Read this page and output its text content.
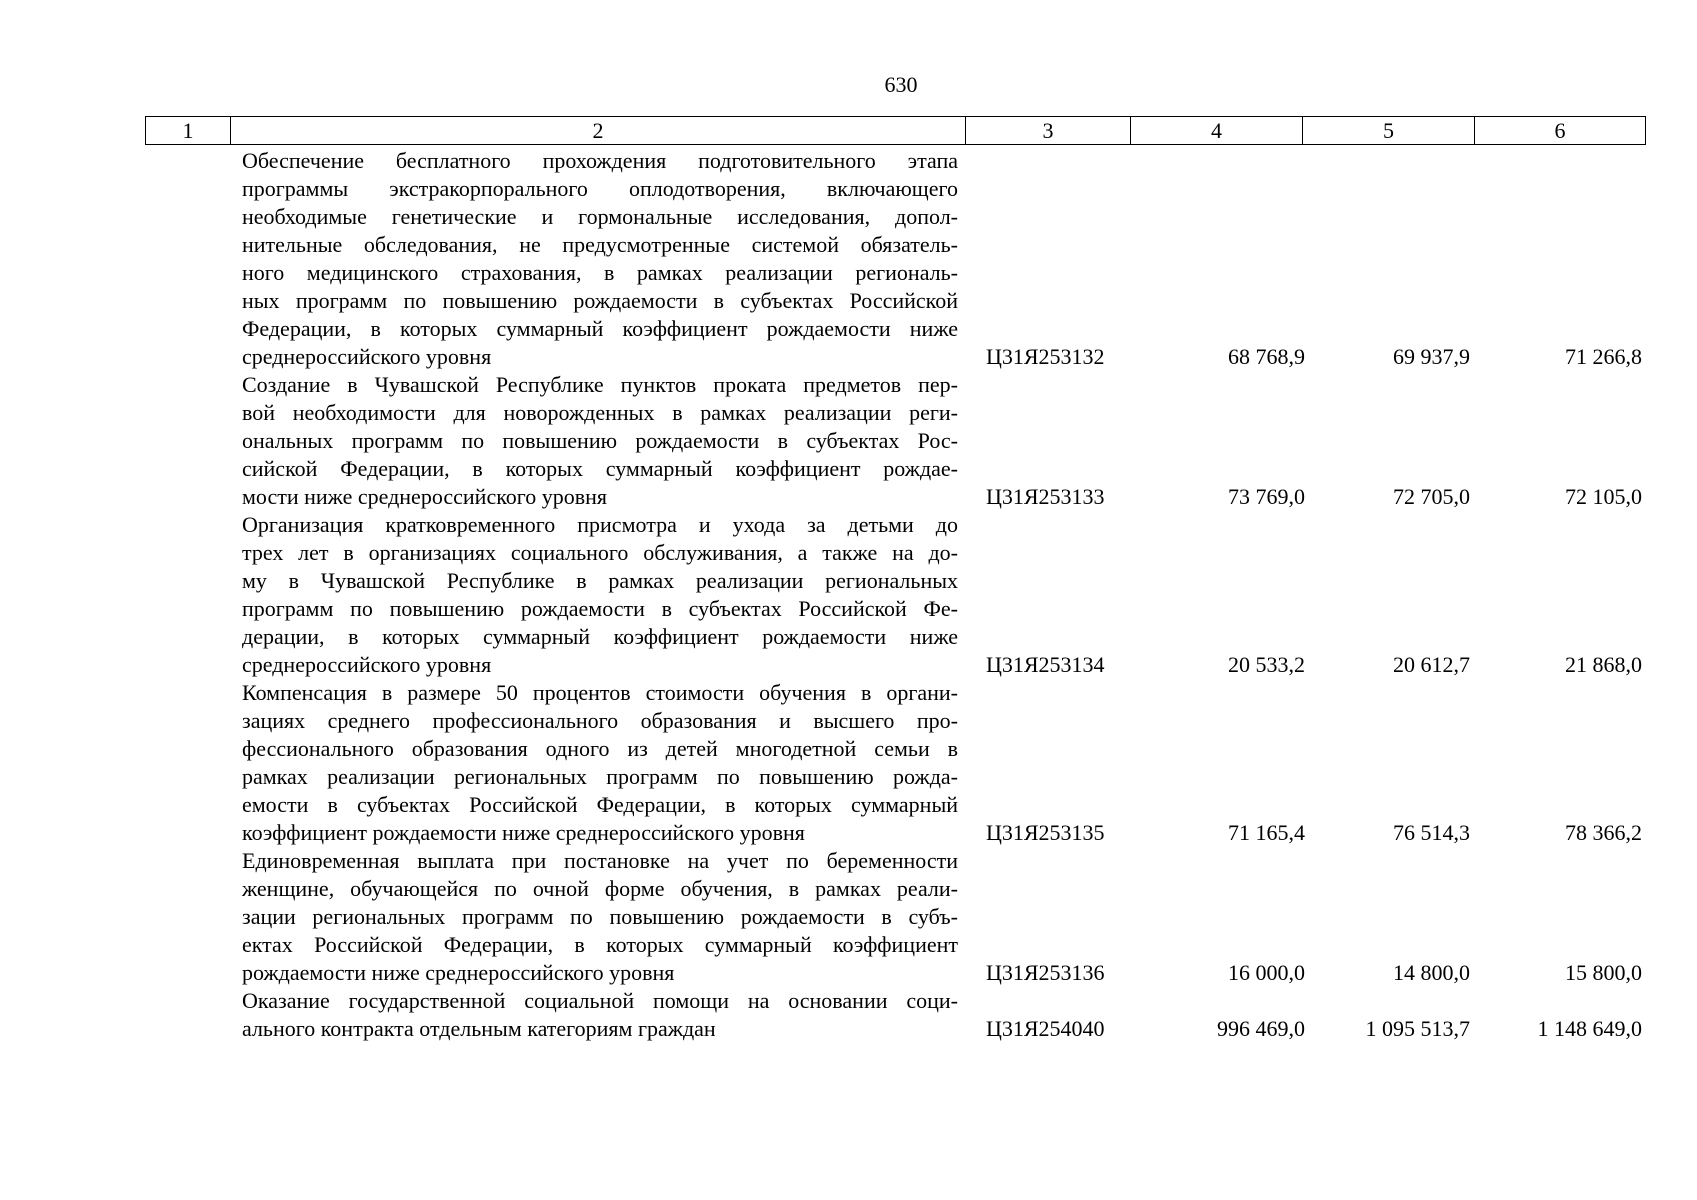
630
1	2	3	4	5	6
Обеспечение бесплатного прохождения подготовительного этапа
программы экстракорпорального оплодотворения, включающего
необходимые генетические и гормональные исследования, допол-
нительные обследования, не предусмотренные системой обязатель-
ного медицинского страхования, в рамках реализации региональ-
ных программ по повышению рождаемости в субъектах Российской
Федерации, в которых суммарный коэффициент рождаемости ниже
среднероссийского уровня	Ц31Я253132	68 768,9	69 937,9	71 266,8
Создание в Чувашской Республике пунктов проката предметов пер-
вой необходимости для новорожденных в рамках реализации реги-
ональных программ по повышению рождаемости в субъектах Рос-
сийской Федерации, в которых суммарный коэффициент рождае-
мости ниже среднероссийского уровня	Ц31Я253133	73 769,0	72 705,0	72 105,0
Организация кратковременного присмотра и ухода за детьми до
трех лет в организациях социального обслуживания, а также на до-
му в Чувашской Республике в рамках реализации региональных
программ по повышению рождаемости в субъектах Российской Фе-
дерации, в которых суммарный коэффициент рождаемости ниже
среднероссийского уровня	Ц31Я253134	20 533,2	20 612,7	21 868,0
Компенсация в размере 50 процентов стоимости обучения в органи-
зациях среднего профессионального образования и высшего про-
фессионального образования одного из детей многодетной семьи в
рамках реализации региональных программ по повышению рожда-
емости в субъектах Российской Федерации, в которых суммарный
коэффициент рождаемости ниже среднероссийского уровня	Ц31Я253135	71 165,4	76 514,3	78 366,2
Единовременная выплата при постановке на учет по беременности
женщине, обучающейся по очной форме обучения, в рамках реали-
зации региональных программ по повышению рождаемости в субъ-
ектах Российской Федерации, в которых суммарный коэффициент
рождаемости ниже среднероссийского уровня	Ц31Я253136	16 000,0	14 800,0	15 800,0
Оказание государственной социальной помощи на основании соци-
ального контракта отдельным категориям граждан	Ц31Я254040	996 469,0	1 095 513,7	1 148 649,0
